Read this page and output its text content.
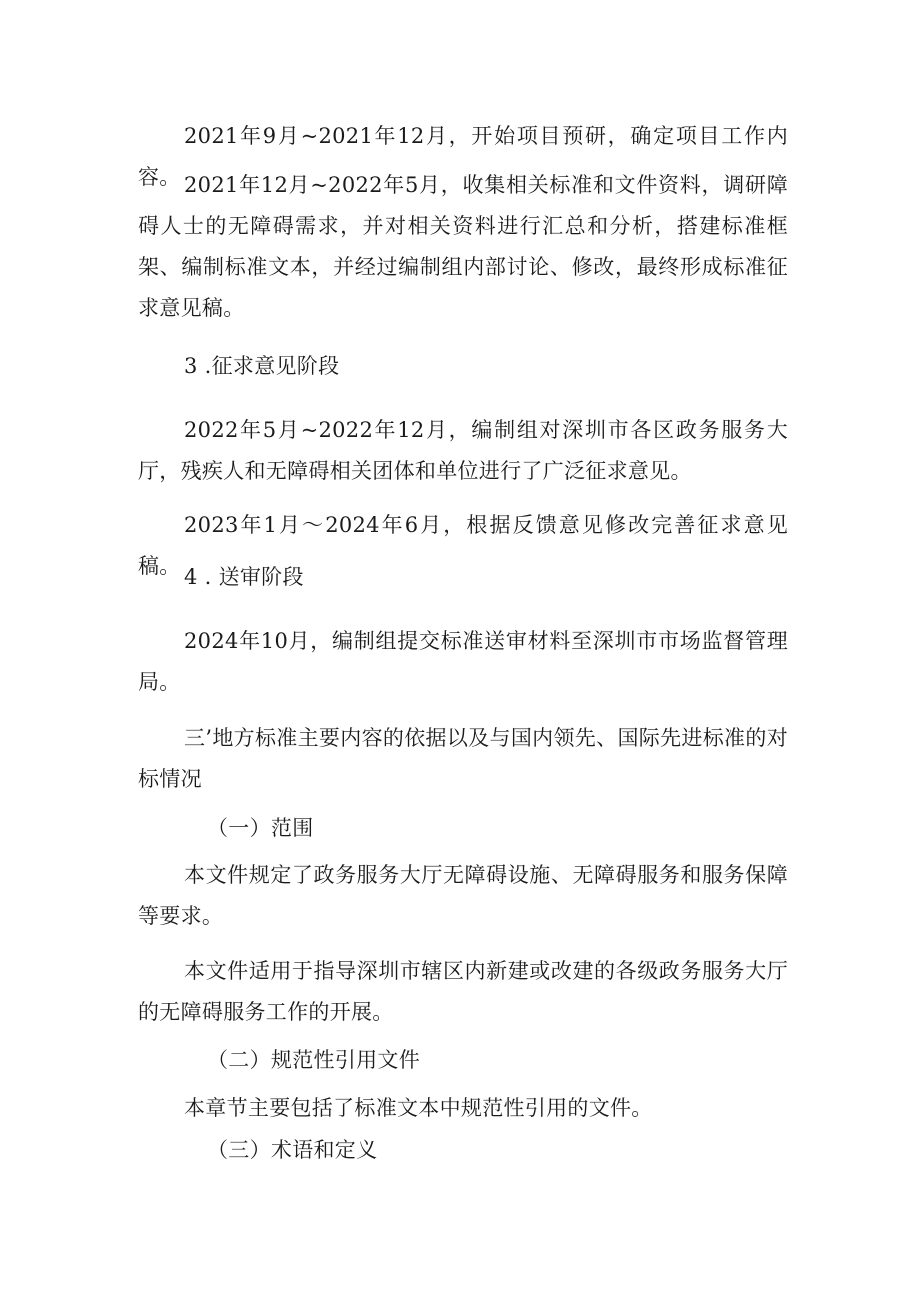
2021年9月~2021年12月，开始项目预研，确定项目工作内容。 2021年12月~2022年5月，收集相关标准和文件资料，调研障碍人士的无障碍需求，并对相关资料进行汇总和分析，搭建标准框架、编制标准文本，并经过编制组内部讨论、修改，最终形成标准征求意见稿。

3 .征求意见阶段

2022年5月~2022年12月，编制组对深圳市各区政务服务大厅，残疾人和无障碍相关团体和单位进行了广泛征求意见。

2023年1月～2024年6月，根据反馈意见修改完善征求意见稿。 4 . 送审阶段

2024年10月，编制组提交标准送审材料至深圳市市场监督管理局。

三’地方标准主要内容的依据以及与国内领先、国际先进标准的对标情况

（一）范围

本文件规定了政务服务大厅无障碍设施、无障碍服务和服务保障等要求。

本文件适用于指导深圳市辖区内新建或改建的各级政务服务大厅的无障碍服务工作的开展。

（二）规范性引用文件

本章节主要包括了标准文本中规范性引用的文件。

（三）术语和定义
